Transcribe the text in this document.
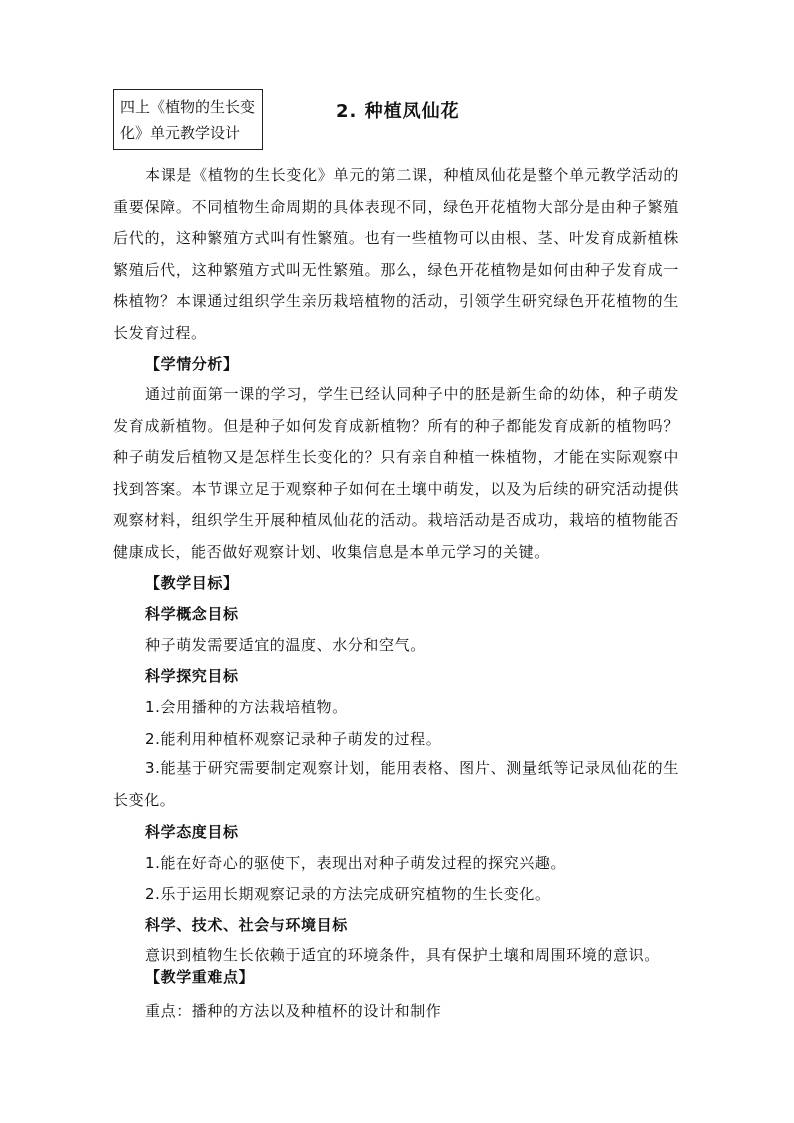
四上《植物的生长变化》单元教学设计
2. 种植凤仙花

本课是《植物的生长变化》单元的第二课，种植凤仙花是整个单元教学活动的重要保障。不同植物生命周期的具体表现不同，绿色开花植物大部分是由种子繁殖后代的，这种繁殖方式叫有性繁殖。也有一些植物可以由根、茎、叶发育成新植株繁殖后代，这种繁殖方式叫无性繁殖。那么，绿色开花植物是如何由种子发育成一株植物？本课通过组织学生亲历栽培植物的活动，引领学生研究绿色开花植物的生长发育过程。

【学情分析】

通过前面第一课的学习，学生已经认同种子中的胚是新生命的幼体，种子萌发发育成新植物。但是种子如何发育成新植物？所有的种子都能发育成新的植物吗？种子萌发后植物又是怎样生长变化的？只有亲自种植一株植物，才能在实际观察中找到答案。本节课立足于观察种子如何在土壤中萌发，以及为后续的研究活动提供观察材料，组织学生开展种植凤仙花的活动。栽培活动是否成功，栽培的植物能否健康成长，能否做好观察计划、收集信息是本单元学习的关键。

【教学目标】
科学概念目标
种子萌发需要适宜的温度、水分和空气。
科学探究目标
1.会用播种的方法栽培植物。
2.能利用种植杯观察记录种子萌发的过程。

3.能基于研究需要制定观察计划，能用表格、图片、测量纸等记录凤仙花的生长变化。

科学态度目标
1.能在好奇心的驱使下，表现出对种子萌发过程的探究兴趣。
2.乐于运用长期观察记录的方法完成研究植物的生长变化。
科学、技术、社会与环境目标
意识到植物生长依赖于适宜的环境条件，具有保护土壤和周围环境的意识。
【教学重难点】
重点：播种的方法以及种植杯的设计和制作
